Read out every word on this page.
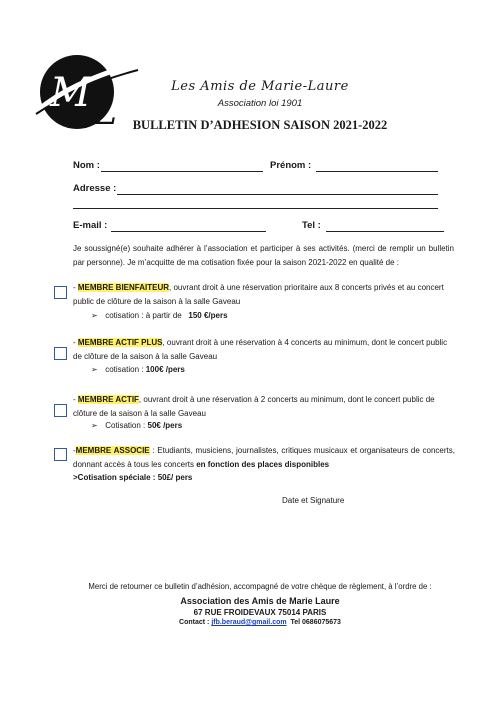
M L
Les Amis de Marie-Laure
Association loi 1901
BULLETIN D’ADHESION SAISON 2021-2022
Nom :	Prénom :
Adresse :
E-mail :	Tel :
Je soussigné(e) souhaite adhérer à l’association et participer à ses activités. (merci de remplir un bulletin par personne). Je m’acquitte de ma cotisation fixée pour la saison 2021-2022 en qualité de :
- MEMBRE BIENFAITEUR, ouvrant droit à une réservation prioritaire aux 8 concerts privés et au concert public de clôture de la saison à la salle Gaveau
➢ cotisation : à partir de 150 €/pers
- MEMBRE ACTIF PLUS, ouvrant droit à une réservation à 4 concerts au minimum, dont le concert public de clôture de la saison à la salle Gaveau
➢ cotisation : 100€ /pers
- MEMBRE ACTIF, ouvrant droit à une réservation à 2 concerts au minimum, dont le concert public de clôture de la saison à la salle Gaveau
➢ Cotisation : 50€ /pers
-MEMBRE ASSOCIE : Etudiants, musiciens, journalistes, critiques musicaux et organisateurs de concerts, donnant accès à tous les concerts en fonction des places disponibles
>Cotisation spéciale : 50£/ pers
Date et Signature
Merci de retourner ce bulletin d’adhésion, accompagné de votre chèque de règlement, à l’ordre de :
Association des Amis de Marie Laure
67 RUE FROIDEVAUX 75014 PARIS
Contact : jfb.beraud@gmail.com Tel 0686075673
